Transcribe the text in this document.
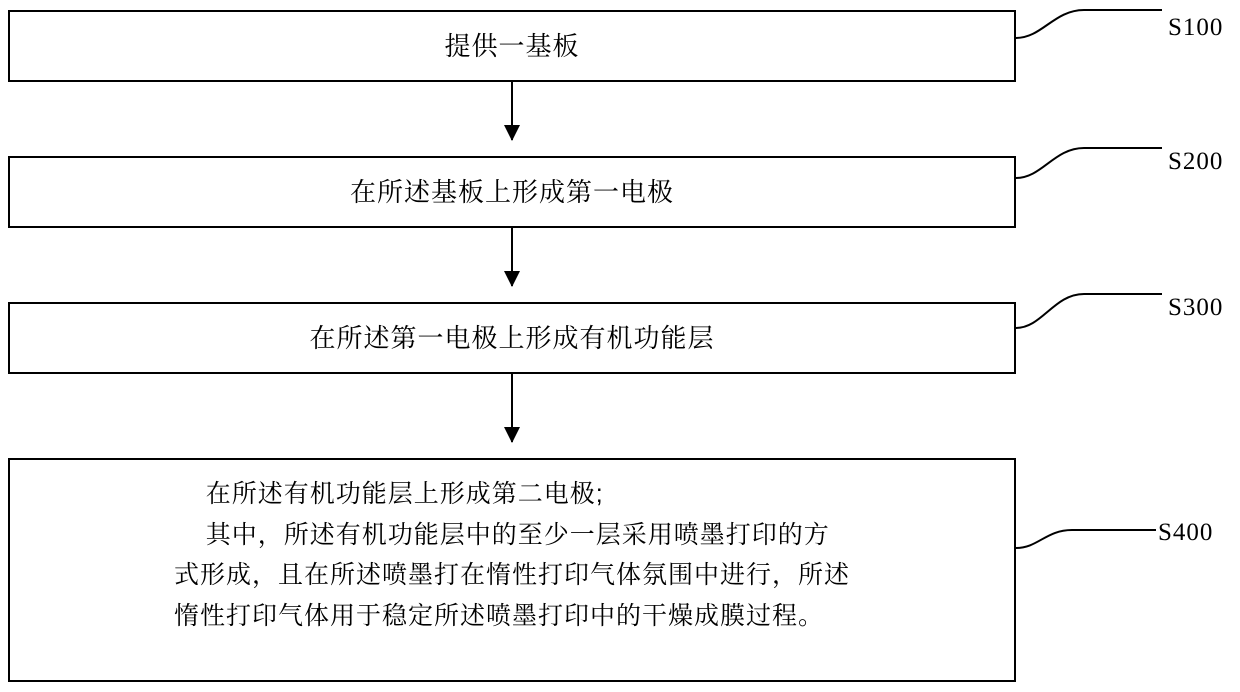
提供一基板
在所述基板上形成第一电极
在所述第一电极上形成有机功能层
在所述有机功能层上形成第二电极;
其中，所述有机功能层中的至少一层采用喷墨打印的方
式形成，且在所述喷墨打在惰性打印气体氛围中进行，所述
惰性打印气体用于稳定所述喷墨打印中的干燥成膜过程。
S100
S200
S300
S400
